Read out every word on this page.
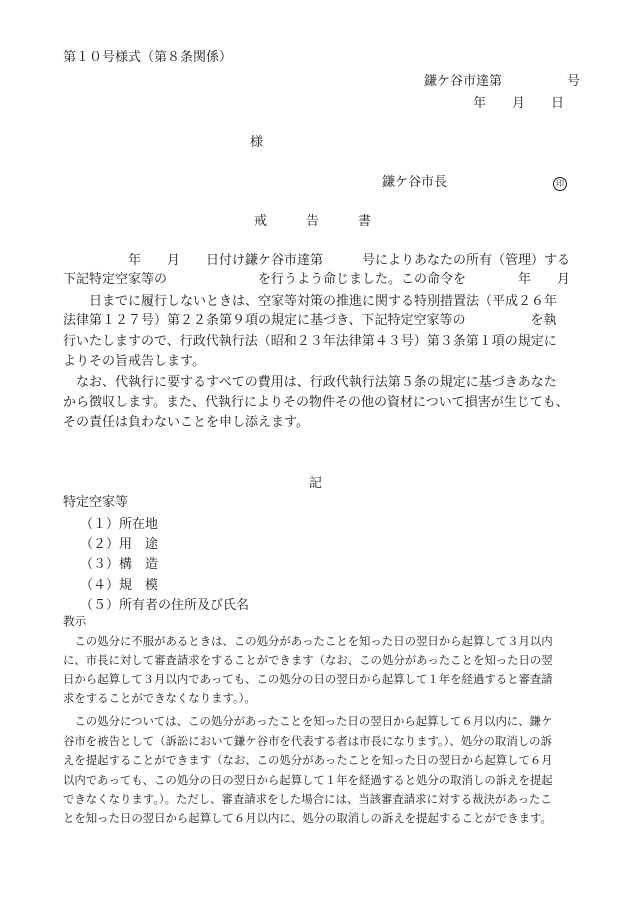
第１０号様式（第８条関係）
鎌ケ谷市達第　　　　　号
年　　月　　日
様
鎌ケ谷市長	印
戒　　　告　　　書
　　　　　年　　月　　日付け鎌ケ谷市達第　　　号によりあなたの所有（管理）する
下記特定空家等の　　　　　　　を行うよう命じました。この命令を　　　　年　　月
　　日までに履行しないときは、空家等対策の推進に関する特別措置法（平成２６年
法律第１２７号）第２２条第９項の規定に基づき、下記特定空家等の　　　　　を執
行いたしますので、行政代執行法（昭和２３年法律第４３号）第３条第１項の規定に
よりその旨戒告します。
　なお、代執行に要するすべての費用は、行政代執行法第５条の規定に基づきあなた
から徴収します。また、代執行によりその物件その他の資材について損害が生じても、
その責任は負わないことを申し添えます。
記
特定空家等
（１）所在地
（２）用　途
（３）構　造
（４）規　模
（５）所有者の住所及び氏名
教示
　この処分に不服があるときは、この処分があったことを知った日の翌日から起算して３月以内
に、市長に対して審査請求をすることができます（なお、この処分があったことを知った日の翌
日から起算して３月以内であっても、この処分の日の翌日から起算して１年を経過すると審査請
求をすることができなくなります。）。
　この処分については、この処分があったことを知った日の翌日から起算して６月以内に、鎌ケ
谷市を被告として（訴訟において鎌ケ谷市を代表する者は市長になります。）、処分の取消しの訴
えを提起することができます（なお、この処分があったことを知った日の翌日から起算して６月
以内であっても、この処分の日の翌日から起算して１年を経過すると処分の取消しの訴えを提起
できなくなります。）。ただし、審査請求をした場合には、当該審査請求に対する裁決があったこ
とを知った日の翌日から起算して６月以内に、処分の取消しの訴えを提起することができます。
